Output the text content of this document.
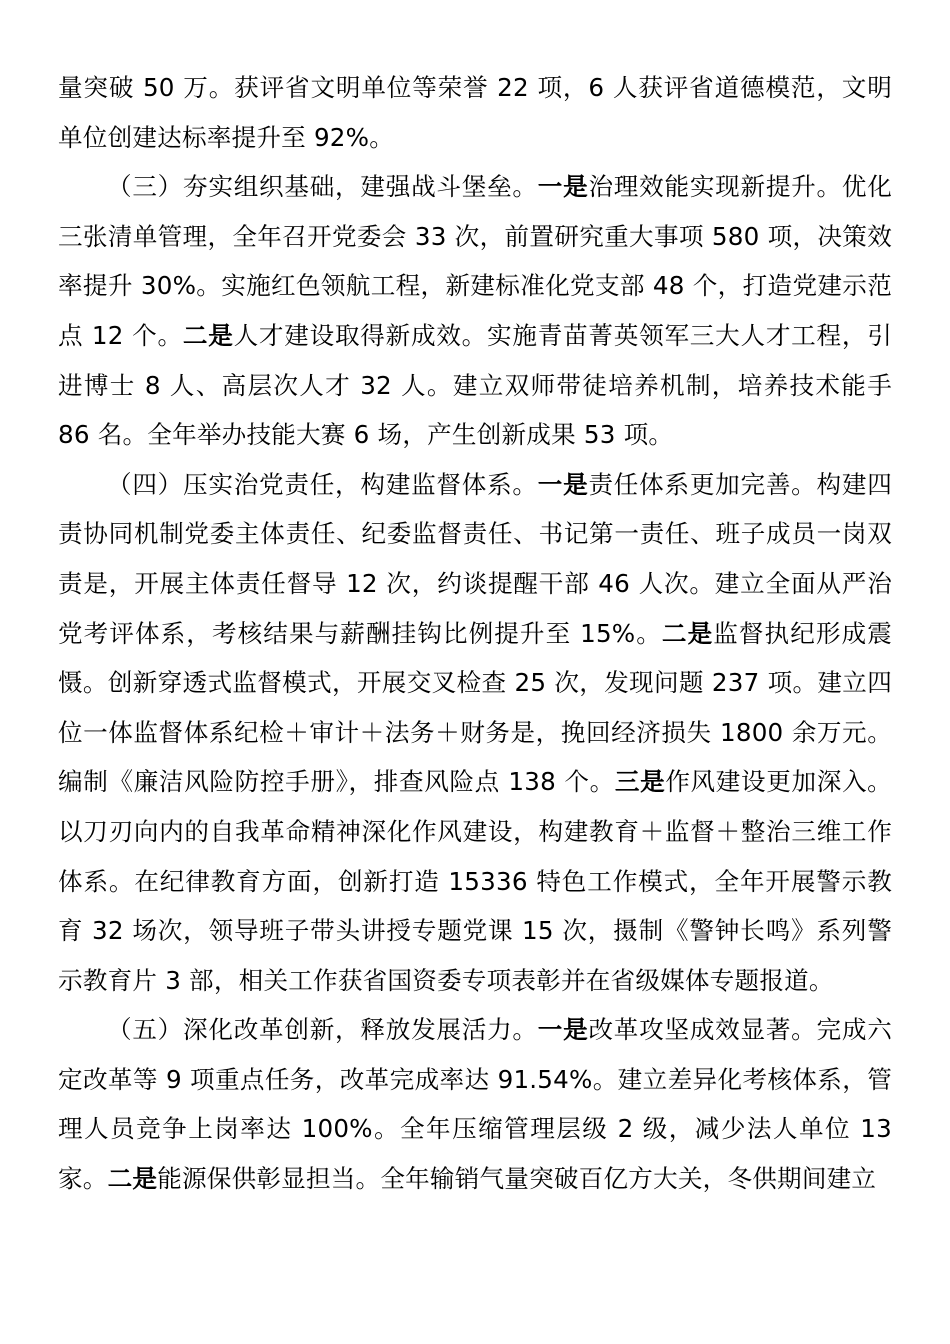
量突破 50 万。获评省文明单位等荣誉 22 项，6 人获评省道德模范，文明单位创建达标率提升至 92%。

（三）夯实组织基础，建强战斗堡垒。一是治理效能实现新提升。优化三张清单管理，全年召开党委会 33 次，前置研究重大事项 580 项，决策效率提升 30%。实施红色领航工程，新建标准化党支部 48 个，打造党建示范点 12 个。二是人才建设取得新成效。实施青苗菁英领军三大人才工程，引进博士 8 人、高层次人才 32 人。建立双师带徒培养机制，培养技术能手 86 名。全年举办技能大赛 6 场，产生创新成果 53 项。

（四）压实治党责任，构建监督体系。一是责任体系更加完善。构建四责协同机制党委主体责任、纪委监督责任、书记第一责任、班子成员一岗双责是，开展主体责任督导 12 次，约谈提醒干部 46 人次。建立全面从严治党考评体系，考核结果与薪酬挂钩比例提升至 15%。二是监督执纪形成震慑。创新穿透式监督模式，开展交叉检查 25 次，发现问题 237 项。建立四位一体监督体系纪检＋审计＋法务＋财务是，挽回经济损失 1800 余万元。编制《廉洁风险防控手册》，排查风险点 138 个。三是作风建设更加深入。以刀刃向内的自我革命精神深化作风建设，构建教育＋监督＋整治三维工作体系。在纪律教育方面，创新打造 15336 特色工作模式，全年开展警示教育 32 场次，领导班子带头讲授专题党课 15 次，摄制《警钟长鸣》系列警示教育片 3 部，相关工作获省国资委专项表彰并在省级媒体专题报道。

（五）深化改革创新，释放发展活力。一是改革攻坚成效显著。完成六定改革等 9 项重点任务，改革完成率达 91.54%。建立差异化考核体系，管理人员竞争上岗率达 100%。全年压缩管理层级 2 级，减少法人单位 13 家。二是能源保供彰显担当。全年输销气量突破百亿方大关，冬供期间建立
